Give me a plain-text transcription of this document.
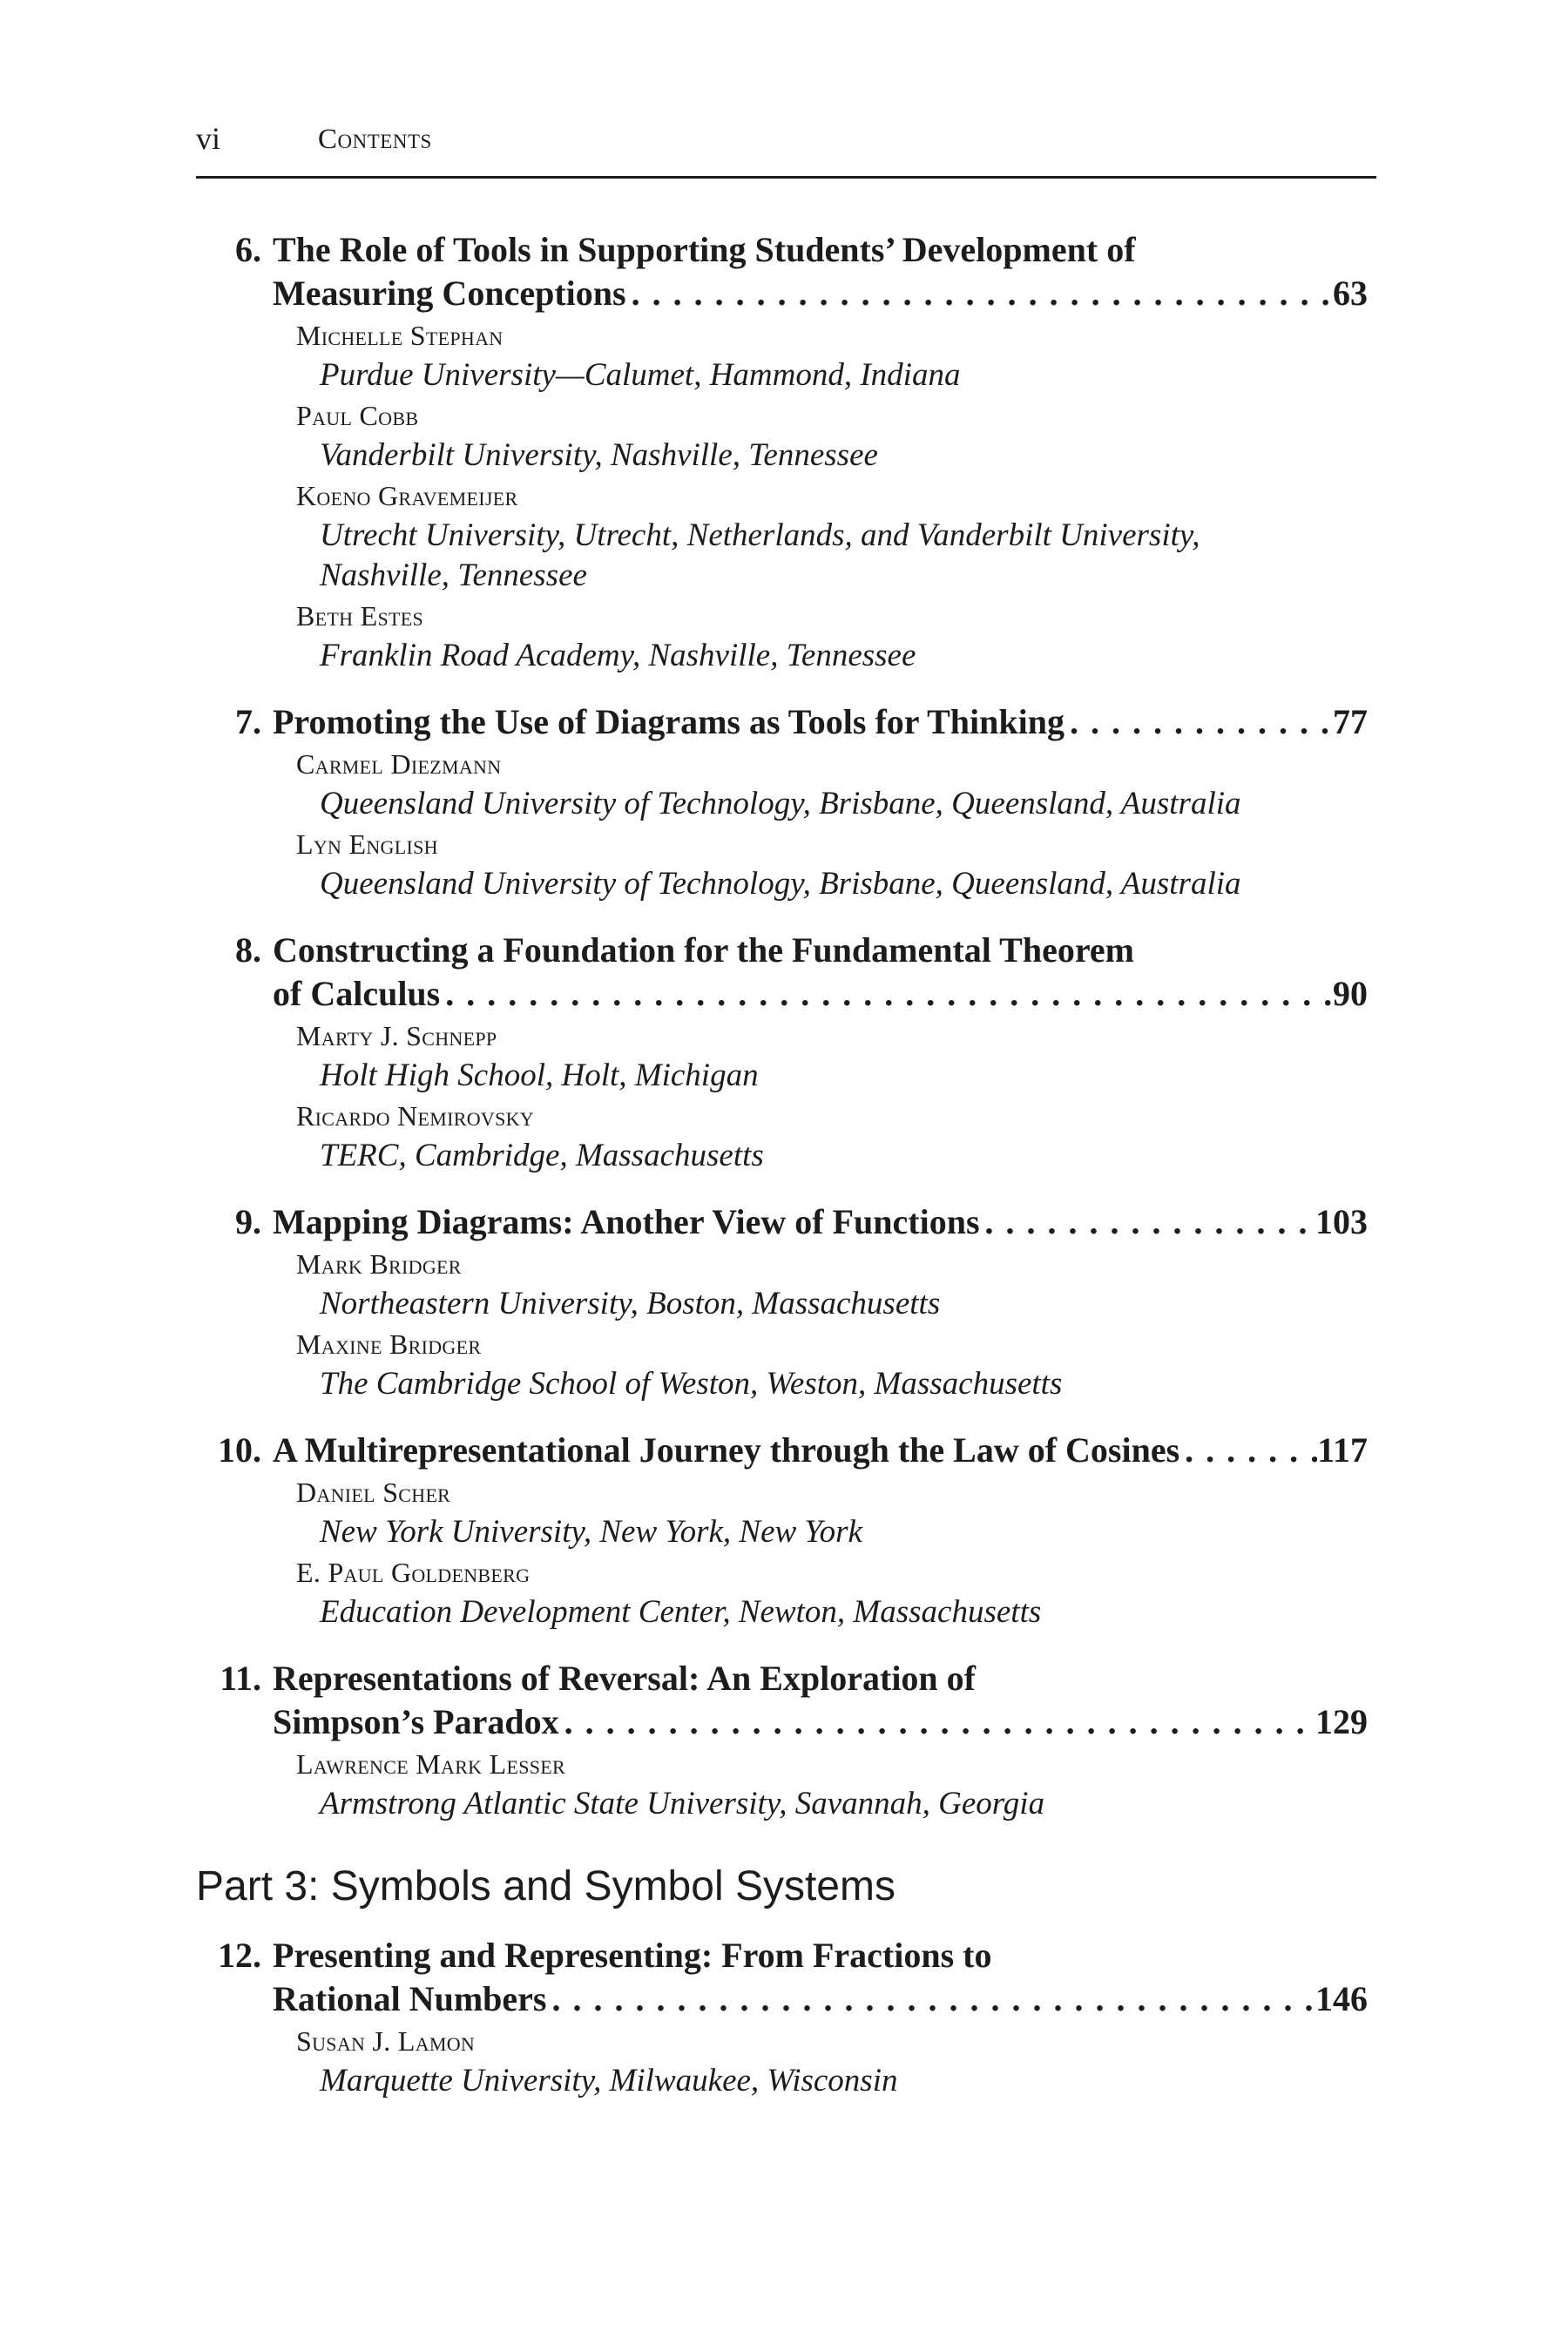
vi	Contents
6. The Role of Tools in Supporting Students’ Development of
Measuring Conceptions . . .	63
Michelle Stephan
Purdue University—Calumet, Hammond, Indiana
Paul Cobb
Vanderbilt University, Nashville, Tennessee
Koeno Gravemeijer
Utrecht University, Utrecht, Netherlands, and Vanderbilt University,
Nashville, Tennessee
Beth Estes
Franklin Road Academy, Nashville, Tennessee
7. Promoting the Use of Diagrams as Tools for Thinking . . .	77
Carmel Diezmann
Queensland University of Technology, Brisbane, Queensland, Australia
Lyn English
Queensland University of Technology, Brisbane, Queensland, Australia
8. Constructing a Foundation for the Fundamental Theorem
of Calculus . . .	90
Marty J. Schnepp
Holt High School, Holt, Michigan
Ricardo Nemirovsky
TERC, Cambridge, Massachusetts
9. Mapping Diagrams: Another View of Functions . . .	103
Mark Bridger
Northeastern University, Boston, Massachusetts
Maxine Bridger
The Cambridge School of Weston, Weston, Massachusetts
10. A Multirepresentational Journey through the Law of Cosines . . .	117
Daniel Scher
New York University, New York, New York
E. Paul Goldenberg
Education Development Center, Newton, Massachusetts
11. Representations of Reversal: An Exploration of
Simpson’s Paradox . . .	129
Lawrence Mark Lesser
Armstrong Atlantic State University, Savannah, Georgia
Part 3: Symbols and Symbol Systems
12. Presenting and Representing: From Fractions to
Rational Numbers . . .	146
Susan J. Lamon
Marquette University, Milwaukee, Wisconsin
